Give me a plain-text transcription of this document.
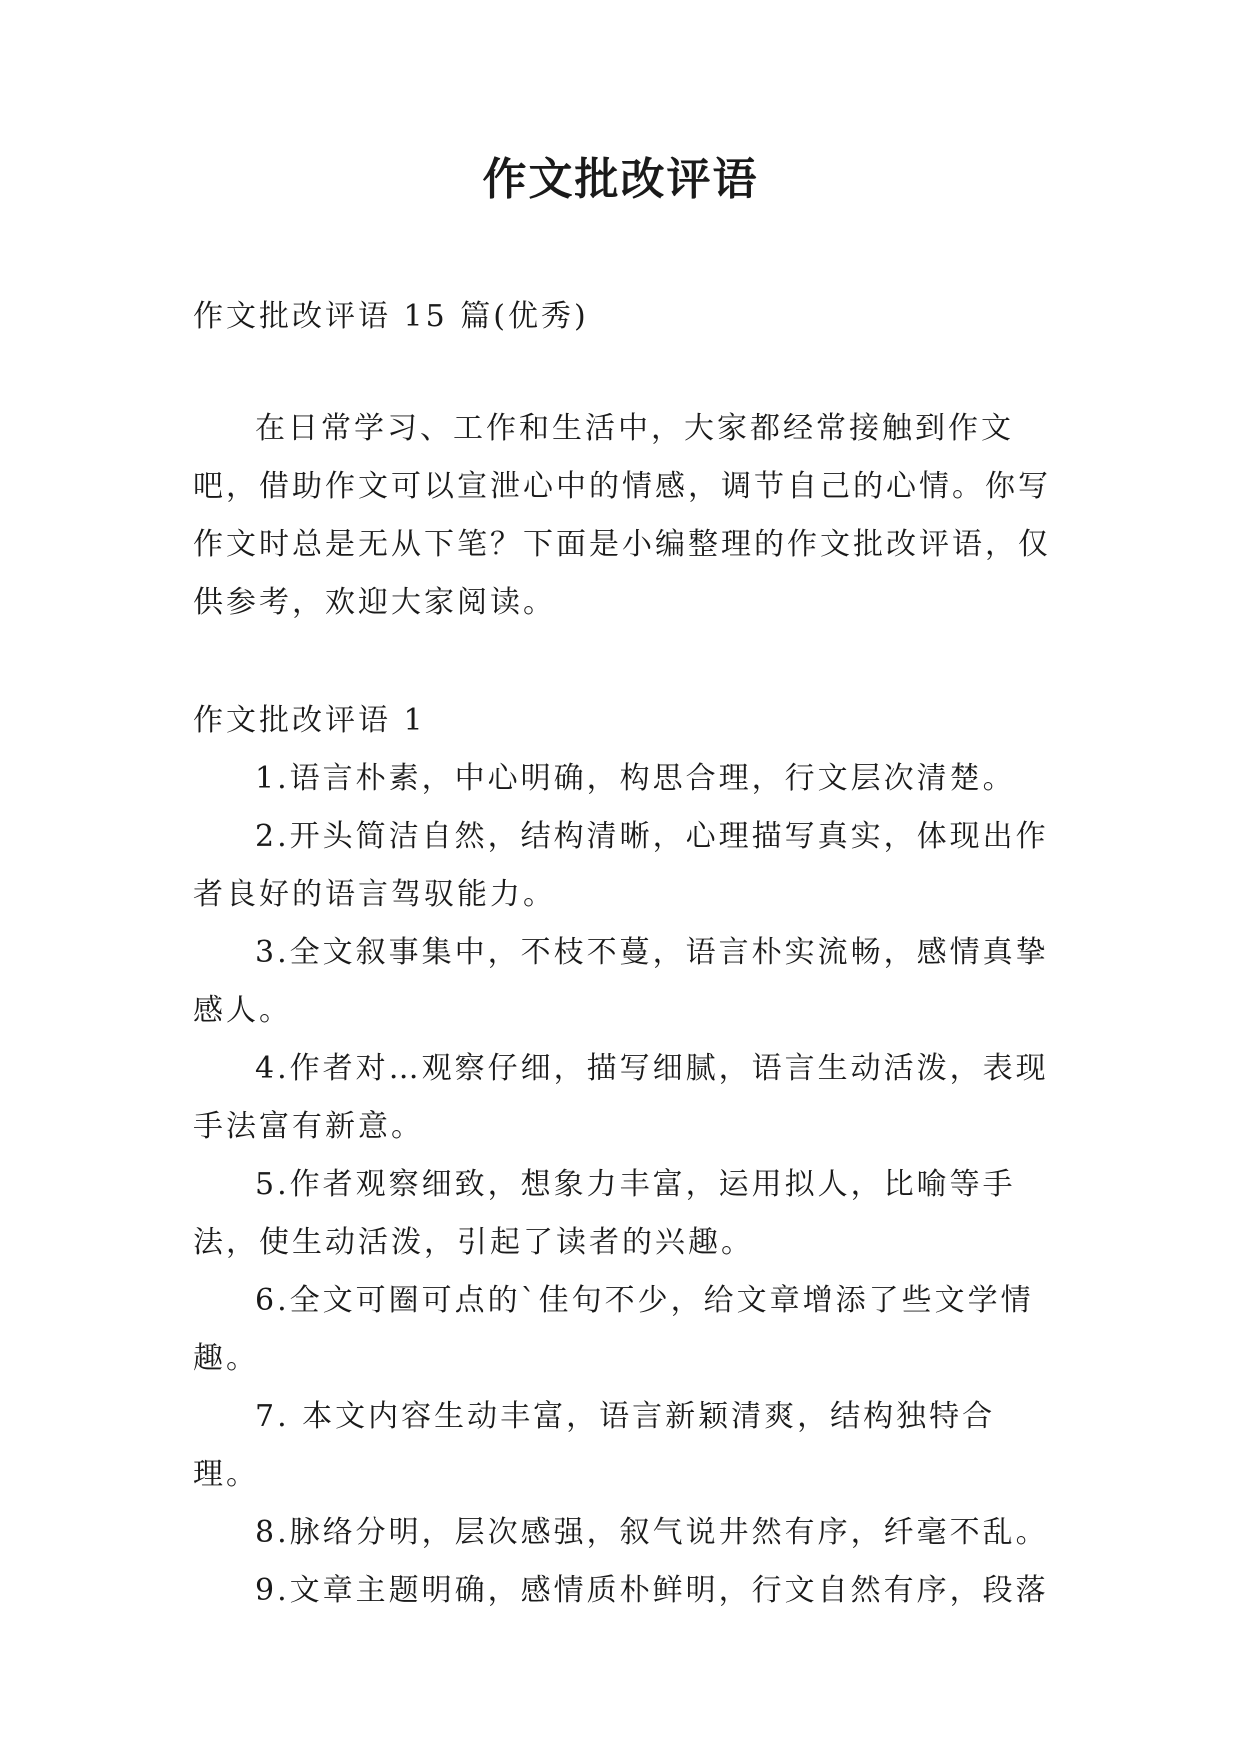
作文批改评语

作文批改评语 15 篇(优秀)

在日常学习、工作和生活中，大家都经常接触到作文吧，借助作文可以宣泄心中的情感，调节自己的心情。你写作文时总是无从下笔？下面是小编整理的作文批改评语，仅供参考，欢迎大家阅读。

作文批改评语 1

1.语言朴素，中心明确，构思合理，行文层次清楚。
2.开头简洁自然，结构清晰，心理描写真实，体现出作者良好的语言驾驭能力。
3.全文叙事集中，不枝不蔓，语言朴实流畅，感情真挚感人。
4.作者对…观察仔细，描写细腻，语言生动活泼，表现手法富有新意。
5.作者观察细致，想象力丰富，运用拟人，比喻等手法，使生动活泼，引起了读者的兴趣。
6.全文可圈可点的`佳句不少，给文章增添了些文学情趣。
7. 本文内容生动丰富，语言新颖清爽，结构独特合理。
8.脉络分明，层次感强，叙气说井然有序，纤毫不乱。
9.文章主题明确，感情质朴鲜明，行文自然有序，段落
